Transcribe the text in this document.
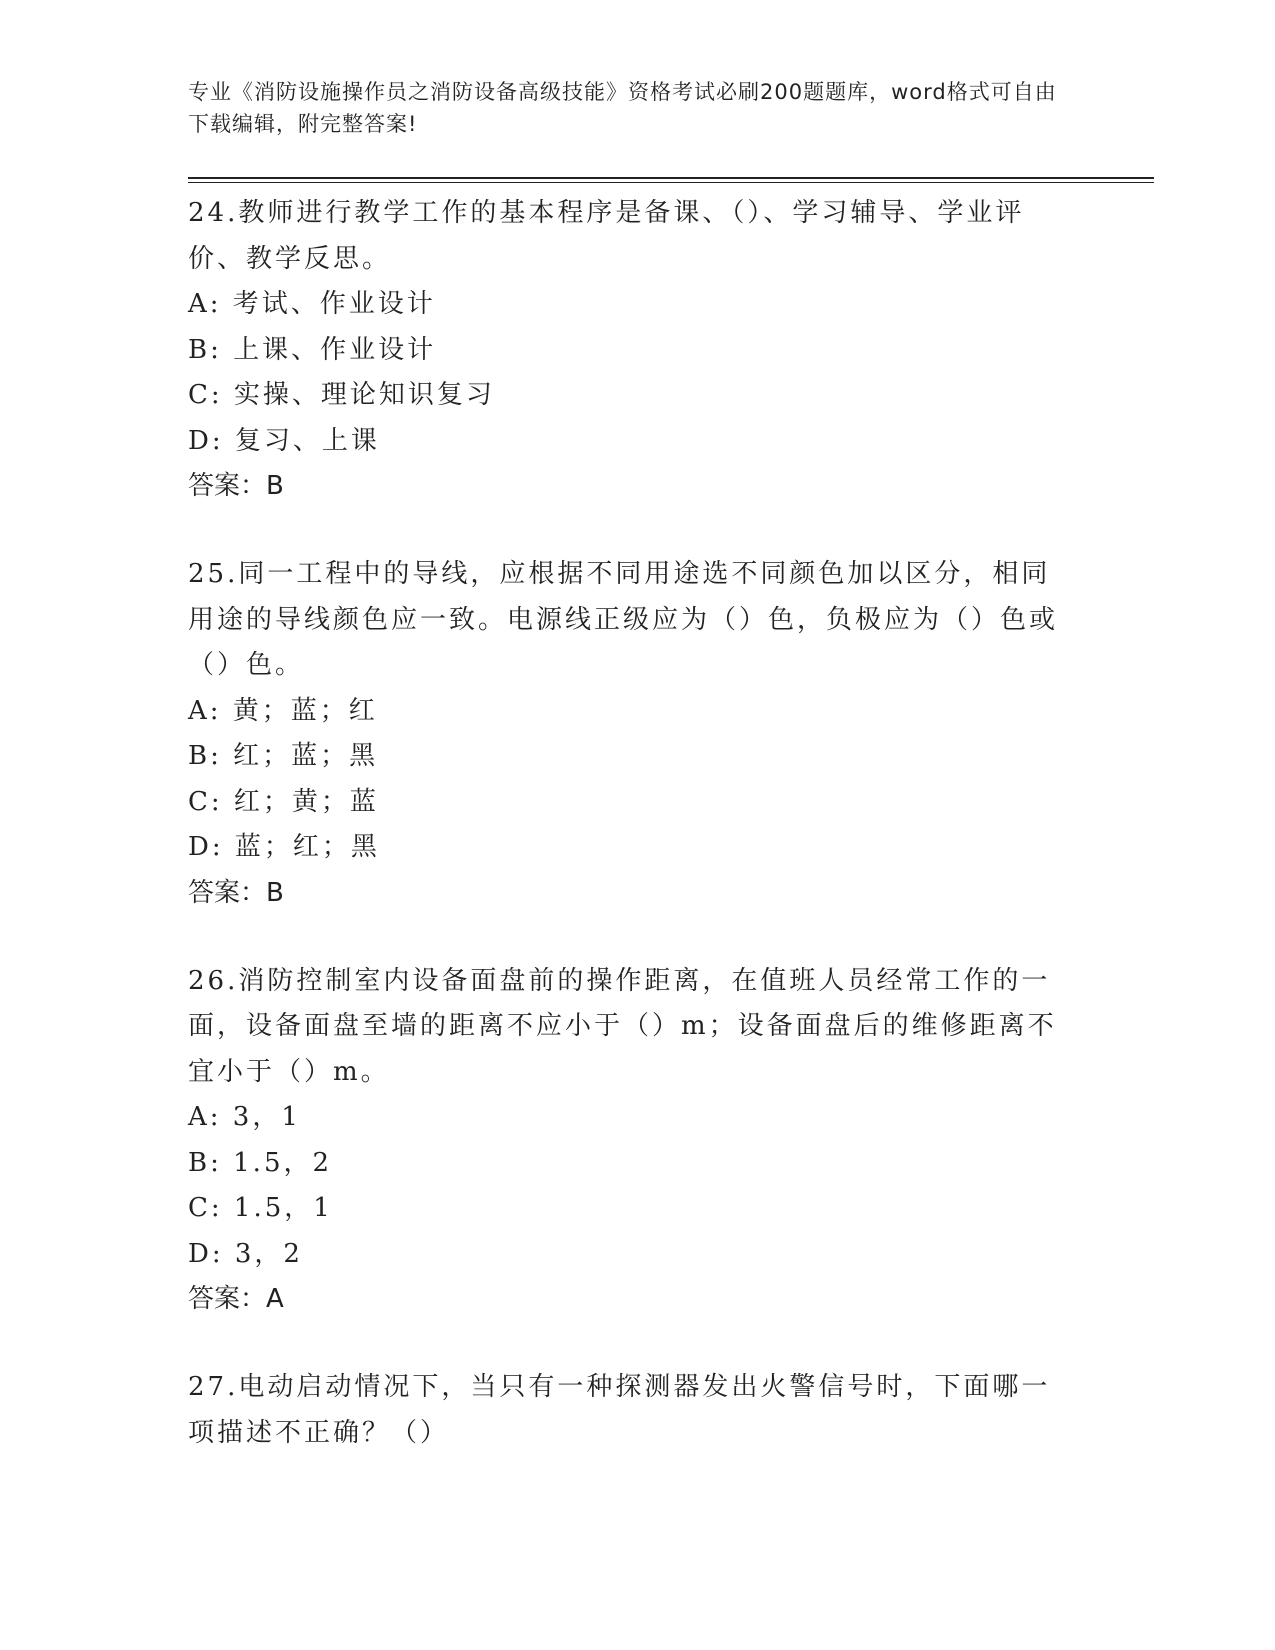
专业《消防设施操作员之消防设备高级技能》资格考试必刷200题题库，word格式可自由下载编辑，附完整答案!

24.教师进行教学工作的基本程序是备课、（）、学习辅导、学业评价、教学反思。

A: 考试、作业设计

B: 上课、作业设计

C: 实操、理论知识复习

D: 复习、上课

答案：B

25.同一工程中的导线，应根据不同用途选不同颜色加以区分，相同用途的导线颜色应一致。电源线正级应为（）色，负极应为（）色或（）色。

A: 黄；蓝；红

B: 红；蓝；黑

C: 红；黄；蓝

D: 蓝；红；黑

答案：B

26.消防控制室内设备面盘前的操作距离，在值班人员经常工作的一面，设备面盘至墙的距离不应小于（）m；设备面盘后的维修距离不宜小于（）m。

A: 3，1

B: 1.5，2

C: 1.5，1

D: 3，2

答案：A

27.电动启动情况下，当只有一种探测器发出火警信号时，下面哪一项描述不正确？（）
